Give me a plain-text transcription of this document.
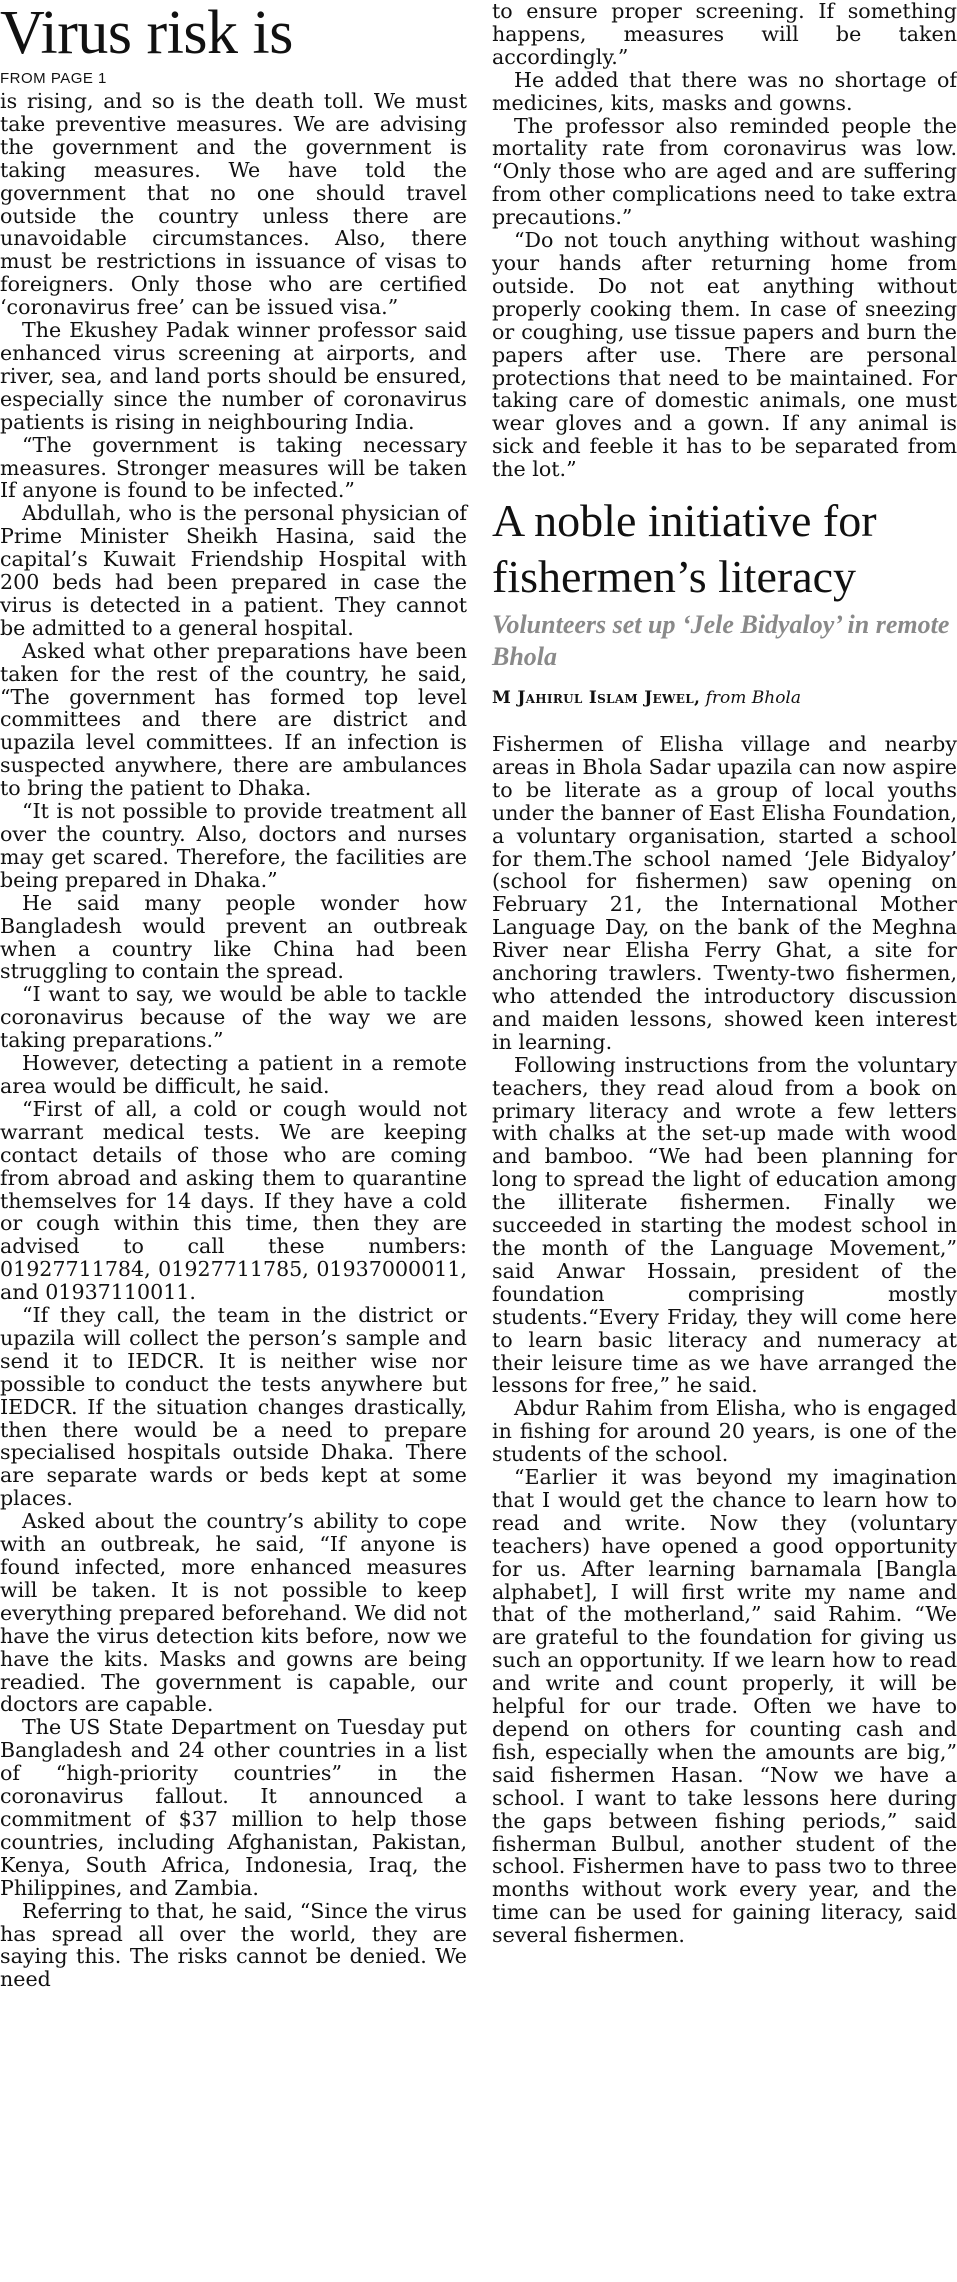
Virus risk is
FROM PAGE 1

is rising, and so is the death toll. We must take preventive measures. We are advising the government and the government is taking measures. We have told the government that no one should travel outside the country unless there are unavoidable circumstances. Also, there must be restrictions in issuance of visas to foreigners. Only those who are certified ‘coronavirus free’ can be issued visa.”

The Ekushey Padak winner professor said enhanced virus screening at airports, and river, sea, and land ports should be ensured, especially since the number of coronavirus patients is rising in neighbouring India.

“The government is taking necessary measures. Stronger measures will be taken If anyone is found to be infected.”

Abdullah, who is the personal physician of Prime Minister Sheikh Hasina, said the capital’s Kuwait Friendship Hospital with 200 beds had been prepared in case the virus is detected in a patient. They cannot be admitted to a general hospital.

Asked what other preparations have been taken for the rest of the country, he said, “The government has formed top level committees and there are district and upazila level committees. If an infection is suspected anywhere, there are ambulances to bring the patient to Dhaka.

“It is not possible to provide treatment all over the country. Also, doctors and nurses may get scared. Therefore, the facilities are being prepared in Dhaka.”

He said many people wonder how Bangladesh would prevent an outbreak when a country like China had been struggling to contain the spread.

“I want to say, we would be able to tackle coronavirus because of the way we are taking preparations.”

However, detecting a patient in a remote area would be difficult, he said.

“First of all, a cold or cough would not warrant medical tests. We are keeping contact details of those who are coming from abroad and asking them to quarantine themselves for 14 days. If they have a cold or cough within this time, then they are advised to call these numbers: 01927711784, 01927711785, 01937000011, and 01937110011.

“If they call, the team in the district or upazila will collect the person’s sample and send it to IEDCR. It is neither wise nor possible to conduct the tests anywhere but IEDCR. If the situation changes drastically, then there would be a need to prepare specialised hospitals outside Dhaka. There are separate wards or beds kept at some places.

Asked about the country’s ability to cope with an outbreak, he said, “If anyone is found infected, more enhanced measures will be taken. It is not possible to keep everything prepared beforehand. We did not have the virus detection kits before, now we have the kits. Masks and gowns are being readied. The government is capable, our doctors are capable.

The US State Department on Tuesday put Bangladesh and 24 other countries in a list of “high-priority countries” in the coronavirus fallout. It announced a commitment of $37 million to help those countries, including Afghanistan, Pakistan, Kenya, South Africa, Indonesia, Iraq, the Philippines, and Zambia.

Referring to that, he said, “Since the virus has spread all over the world, they are saying this. The risks cannot be denied. We need

to ensure proper screening. If something happens, measures will be taken accordingly.”

He added that there was no shortage of medicines, kits, masks and gowns.

The professor also reminded people the mortality rate from coronavirus was low. “Only those who are aged and are suffering from other complications need to take extra precautions.”

“Do not touch anything without washing your hands after returning home from outside. Do not eat anything without properly cooking them. In case of sneezing or coughing, use tissue papers and burn the papers after use. There are personal protections that need to be maintained. For taking care of domestic animals, one must wear gloves and a gown. If any animal is sick and feeble it has to be separated from the lot.”

A noble initiative for fishermen’s literacy
Volunteers set up ‘Jele Bidyaloy’ in remote Bhola
M Jahirul Islam Jewel, from Bhola

Fishermen of Elisha village and nearby areas in Bhola Sadar upazila can now aspire to be literate as a group of local youths under the banner of East Elisha Foundation, a voluntary organisation, started a school for them.The school named ‘Jele Bidyaloy’ (school for fishermen) saw opening on February 21, the International Mother Language Day, on the bank of the Meghna River near Elisha Ferry Ghat, a site for anchoring trawlers. Twenty-two fishermen, who attended the introductory discussion and maiden lessons, showed keen interest in learning.

Following instructions from the voluntary teachers, they read aloud from a book on primary literacy and wrote a few letters with chalks at the set-up made with wood and bamboo. “We had been planning for long to spread the light of education among the illiterate fishermen. Finally we succeeded in starting the modest school in the month of the Language Movement,” said Anwar Hossain, president of the foundation comprising mostly students.“Every Friday, they will come here to learn basic literacy and numeracy at their leisure time as we have arranged the lessons for free,” he said.

Abdur Rahim from Elisha, who is engaged in fishing for around 20 years, is one of the students of the school.

“Earlier it was beyond my imagination that I would get the chance to learn how to read and write. Now they (voluntary teachers) have opened a good opportunity for us. After learning barnamala [Bangla alphabet], I will first write my name and that of the motherland,” said Rahim. “We are grateful to the foundation for giving us such an opportunity. If we learn how to read and write and count properly, it will be helpful for our trade. Often we have to depend on others for counting cash and fish, especially when the amounts are big,” said fishermen Hasan. “Now we have a school. I want to take lessons here during the gaps between fishing periods,” said fisherman Bulbul, another student of the school. Fishermen have to pass two to three months without work every year, and the time can be used for gaining literacy, said several fishermen.
